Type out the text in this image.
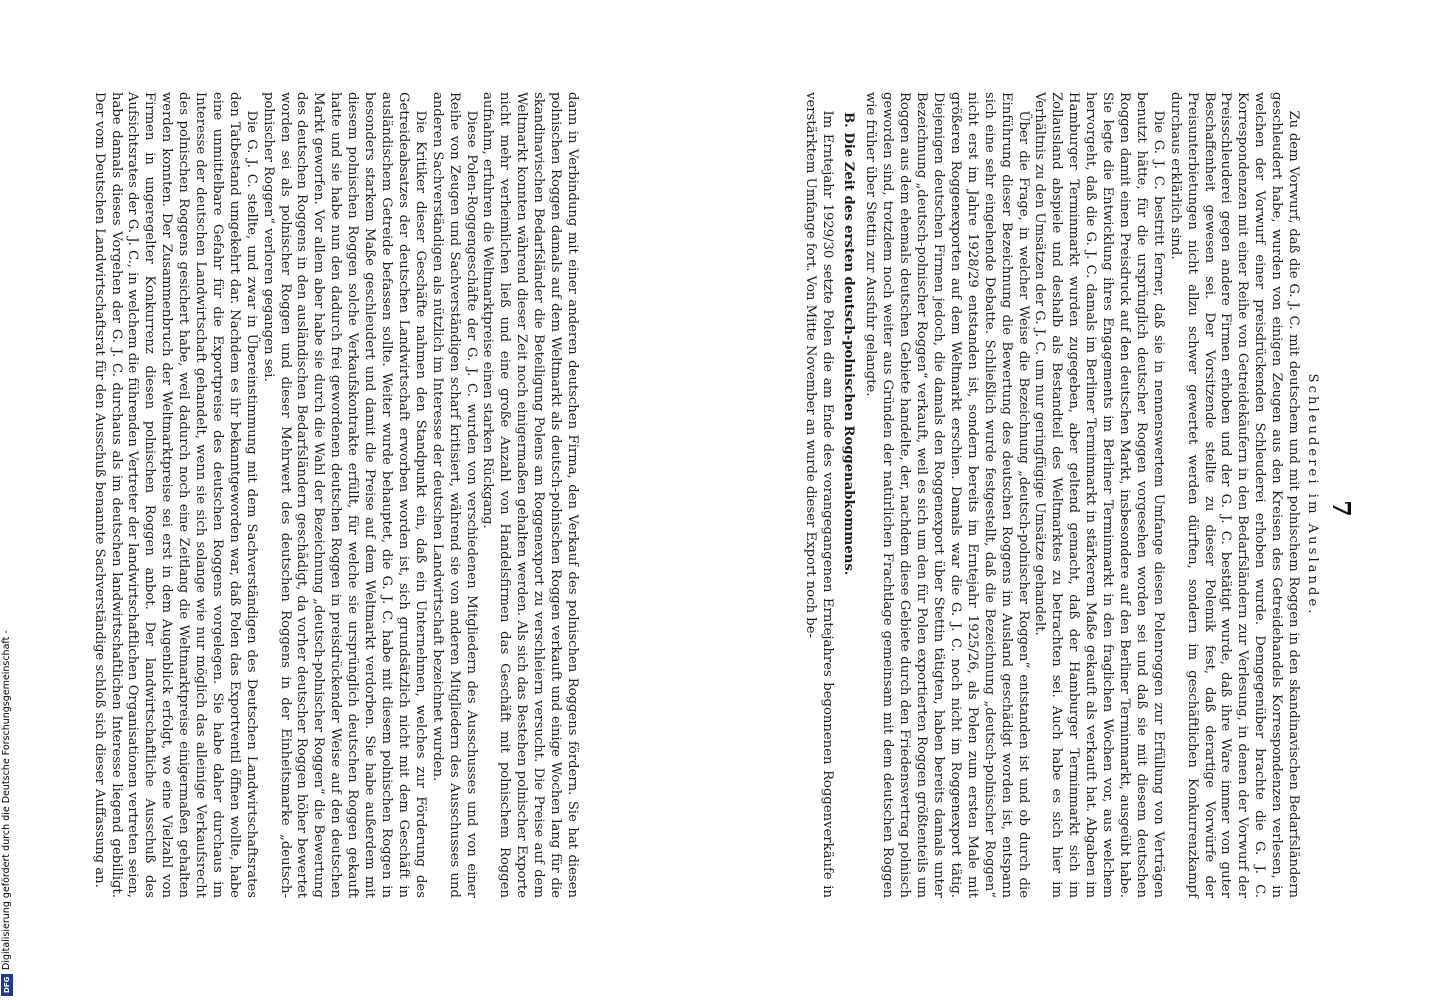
dann in Verbindung mit einer anderen deutschen Firma, den Verkauf des polnischen Roggens fördern. Sie hat diesen polnischen Roggen damals auf dem Weltmarkt als deutsch-polnischen Roggen verkauft und einige Wochen lang für die skandinavischen Bedarfsländer die Beteiligung Polens am Roggenexport zu verschleiern versucht. Die Preise auf dem Weltmarkt konnten während dieser Zeit noch einigermaßen gehalten werden. Als sich das Bestehen polnischer Exporte nicht mehr verheimlichen ließ und eine große Anzahl von Handelsfirmen das Geschäft mit polnischem Roggen aufnahm, erfuhren die Weltmarktpreise einen starken Rückgang.

Diese Polen-Roggengeschäfte der G. J. C. wurden von verschiedenen Mitgliedern des Ausschusses und von einer Reihe von Zeugen und Sachverständigen scharf kritisiert, während sie von anderen Mitgliedern des Ausschusses und anderen Sachverständigen als nützlich im Interesse der deutschen Landwirtschaft bezeichnet wurden.

Die Kritiker dieser Geschäfte nahmen den Standpunkt ein, daß ein Unternehmen, welches zur Förderung des Getreideabsatzes der deutschen Landwirtschaft erworben worden ist, sich grundsätzlich nicht mit dem Geschäft in ausländischem Getreide befassen sollte. Weiter wurde behauptet, die G. J. C. habe mit diesem polnischen Roggen in besonders starkem Maße geschleudert und damit die Preise auf dem Weltmarkt verdorben. Sie habe außerdem mit diesem polnischen Roggen solche Verkaufskontrakte erfüllt, für welche sie ursprünglich deutschen Roggen gekauft hatte und sie habe nun den dadurch frei gewordenen deutschen Roggen in preisdrückender Weise auf den deutschen Markt geworfen. Vor allem aber habe sie durch die Wahl der Bezeichnung „deutsch-polnischer Roggen“ die Bewertung des deutschen Roggens in den ausländischen Bedarfsländern geschädigt, da vorher deutscher Roggen höher bewertet worden sei als polnischer Roggen und dieser Mehrwert des deutschen Roggens in der Einheitsmarke „deutsch-polnischer Roggen“ verloren gegangen sei.

Die G. J. C. stellte, und zwar in Übereinstimmung mit dem Sachverständigen des Deutschen Landwirtschaftsrates den Tatbestand umgekehrt dar. Nachdem es ihr bekanntgeworden war, daß Polen das Exportventil öffnen wollte, habe eine unmittelbare Gefahr für die Exportpreise des deutschen Roggens vorgelegen. Sie habe daher durchaus im Interesse der deutschen Landwirtschaft gehandelt, wenn sie sich solange wie nur möglich das alleinige Verkaufsrecht des polnischen Roggens gesichert habe, weil dadurch noch eine Zeitlang die Weltmarktpreise einigermaßen gehalten werden konnten. Der Zusammenbruch der Weltmarktpreise sei erst in dem Augenblick erfolgt, wo eine Vielzahl von Firmen in ungeregelter Konkurrenz diesen polnischen Roggen anbot. Der landwirtschaftliche Ausschuß des Aufsichtsrates der G. J. C., in welchem die führenden Vertreter der landwirtschaftlichen Organisationen vertreten seien, habe damals dieses Vorgehen der G. J. C. durchaus als im deutschen landwirtschaftlichen Interesse liegend gebilligt. Der vom Deutschen Landwirtschaftsrat für den Ausschuß benannte Sachverständige schloß sich dieser Auffassung an.	Schleuderei im Auslande.

Zu dem Vorwurf, daß die G. J. C. mit deutschem und mit polnischem Roggen in den skandinavischen Bedarfsländern geschleudert habe, wurden von einigen Zeugen aus den Kreisen des Getreidehandels Korrespondenzen verlesen, in welchen der Vorwurf einer preisdrückenden Schleuderei erhoben wurde. Demgegenüber brachte die G. J. C. Korrespondenzen mit einer Reihe von Getreidekäufern in den Bedarfsländern zur Verlesung, in denen der Vorwurf der Preisschleuderei gegen andere Firmen erhoben und der G. J. C. bestätigt wurde, daß ihre Ware immer von guter Beschaffenheit gewesen sei. Der Vorsitzende stellte zu dieser Polemik fest, daß derartige Vorwürfe der Preisunterbietungen nicht allzu schwer gewertet werden dürften, sondern im geschäftlichen Konkurrenzkampf durchaus erklärlich sind.

Die G. J. C. bestritt ferner, daß sie in nennenswertem Umfange diesen Polenroggen zur Erfüllung von Verträgen benutzt hätte, für die ursprünglich deutscher Roggen vorgesehen worden sei und daß sie mit diesem deutschen Roggen damit einen Preisdruck auf den deutschen Markt, insbesondere auf den Berliner Terminmarkt, ausgeübt habe. Sie legte die Entwicklung ihres Engagements im Berliner Terminmarkt in den fraglichen Wochen vor, aus welchem hervorgeht, daß die G. J. C. damals im Berliner Terminmarkt in stärkerem Maße gekauft als verkauft hat. Abgaben im Hamburger Terminmarkt wurden zugegeben, aber geltend gemacht, daß der Hamburger Terminmarkt sich im Zollausland abspiele und deshalb als Bestandteil des Weltmarktes zu betrachten sei. Auch habe es sich hier im Verhältnis zu den Umsätzen der G. J. C. um nur geringfügige Umsätze gehandelt.

Über die Frage, in welcher Weise die Bezeichnung „deutsch-polnischer Roggen“ entstanden ist und ob durch die Einführung dieser Bezeichnung die Bewertung des deutschen Roggens im Ausland geschädigt worden ist, entspann sich eine sehr eingehende Debatte. Schließlich wurde festgestellt, daß die Bezeichnung „deutsch-polnischer Roggen“ nicht erst im Jahre 1928/29 entstanden ist, sondern bereits im Erntejahr 1925/26, als Polen zum ersten Male mit größeren Roggenexporten auf dem Weltmarkt erschien. Damals war die G. J. C. noch nicht im Roggenexport tätig. Diejenigen deutschen Firmen jedoch, die damals den Roggenexport über Stettin tätigten, haben bereits damals unter Bezeichnung „deutsch-polnischer Roggen“ verkauft, weil es sich um den für Polen exportierten Roggen größtenteils um Roggen aus dem ehemals deutschen Gebiete handelte, der, nachdem diese Gebiete durch den Friedensvertrag polnisch geworden sind, trotzdem noch weiter aus Gründen der natürlichen Frachtlage gemeinsam mit dem deutschen Roggen wie früher über Stettin zur Ausfuhr gelangte.

B. Die Zeit des ersten deutsch-polnischen Roggenabkommens.

Im Erntejahr 1929/30 setzte Polen die am Ende des vorangegangenen Erntejahres begonnenen Roggenverkäufe in verstärktem Umfange fort. Von Mitte November an wurde dieser Export noch be-	7
DFG
Digitalisierung gefördert durch die Deutsche Forschungsgemeinschaft -
